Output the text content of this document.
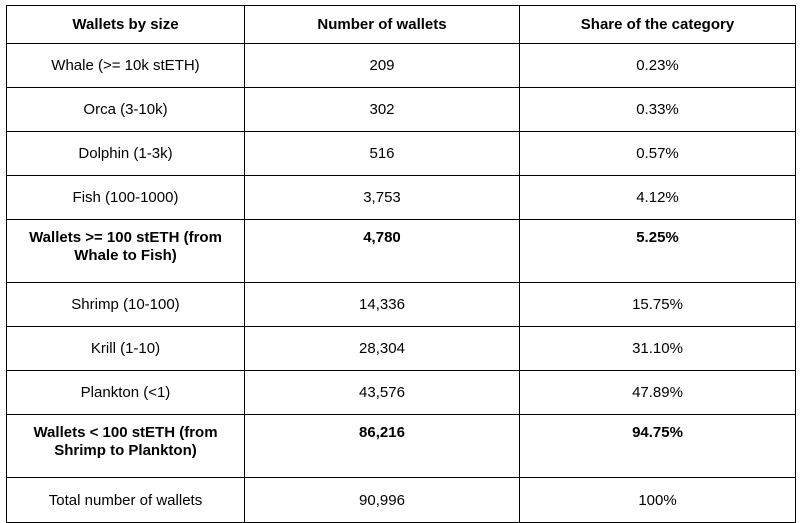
Wallets by size	Number of wallets	Share of the category
Whale (>= 10k stETH)	209	0.23%
Orca (3-10k)	302	0.33%
Dolphin (1-3k)	516	0.57%
Fish (100-1000)	3,753	4.12%
Wallets >= 100 stETH (from Whale to Fish)	4,780	5.25%
Shrimp (10-100)	14,336	15.75%
Krill (1-10)	28,304	31.10%
Plankton (<1)	43,576	47.89%
Wallets < 100 stETH (from Shrimp to Plankton)	86,216	94.75%
Total number of wallets	90,996	100%
